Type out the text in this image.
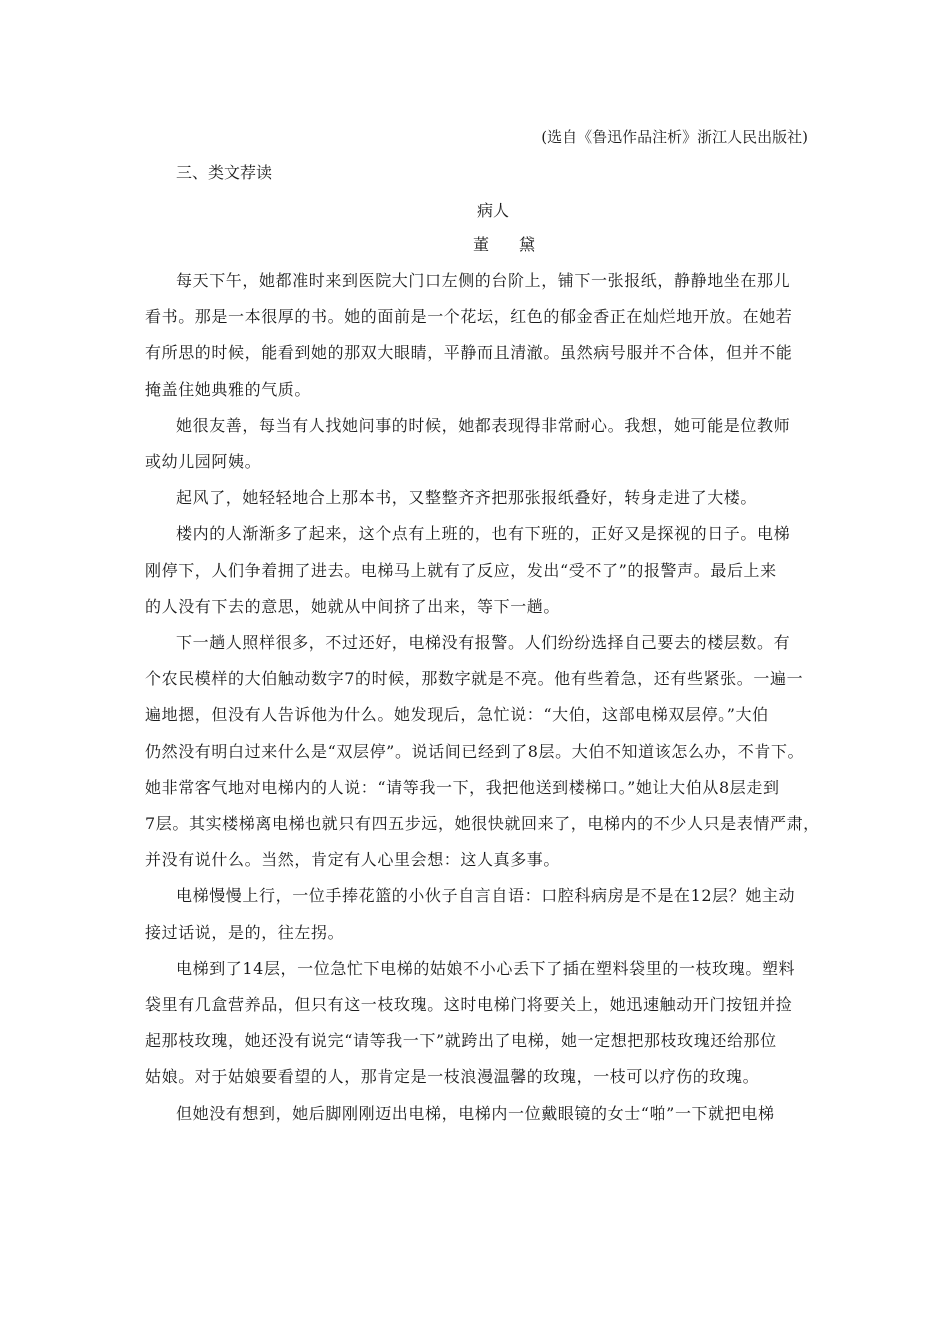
(选自《鲁迅作品注析》浙江人民出版社)
三、类文荐读
病人
董 黛

每天下午，她都准时来到医院大门口左侧的台阶上，铺下一张报纸，静静地坐在那儿

看书。那是一本很厚的书。她的面前是一个花坛，红色的郁金香正在灿烂地开放。在她若

有所思的时候，能看到她的那双大眼睛，平静而且清澈。虽然病号服并不合体，但并不能

掩盖住她典雅的气质。

她很友善，每当有人找她问事的时候，她都表现得非常耐心。我想，她可能是位教师

或幼儿园阿姨。

起风了，她轻轻地合上那本书，又整整齐齐把那张报纸叠好，转身走进了大楼。

楼内的人渐渐多了起来，这个点有上班的，也有下班的，正好又是探视的日子。电梯

刚停下，人们争着拥了进去。电梯马上就有了反应，发出“受不了”的报警声。最后上来

的人没有下去的意思，她就从中间挤了出来，等下一趟。

下一趟人照样很多，不过还好，电梯没有报警。人们纷纷选择自己要去的楼层数。有

个农民模样的大伯触动数字7的时候，那数字就是不亮。他有些着急，还有些紧张。一遍一

遍地摁，但没有人告诉他为什么。她发现后，急忙说：“大伯，这部电梯双层停。”大伯

仍然没有明白过来什么是“双层停”。说话间已经到了8层。大伯不知道该怎么办，不肯下。

她非常客气地对电梯内的人说：“请等我一下，我把他送到楼梯口。”她让大伯从8层走到

7层。其实楼梯离电梯也就只有四五步远，她很快就回来了，电梯内的不少人只是表情严肃，

并没有说什么。当然，肯定有人心里会想：这人真多事。

电梯慢慢上行，一位手捧花篮的小伙子自言自语：口腔科病房是不是在12层？她主动

接过话说，是的，往左拐。

电梯到了14层，一位急忙下电梯的姑娘不小心丢下了插在塑料袋里的一枝玫瑰。塑料

袋里有几盒营养品，但只有这一枝玫瑰。这时电梯门将要关上，她迅速触动开门按钮并捡

起那枝玫瑰，她还没有说完“请等我一下”就跨出了电梯，她一定想把那枝玫瑰还给那位

姑娘。对于姑娘要看望的人，那肯定是一枝浪漫温馨的玫瑰，一枝可以疗伤的玫瑰。

但她没有想到，她后脚刚刚迈出电梯，电梯内一位戴眼镜的女士“啪”一下就把电梯
